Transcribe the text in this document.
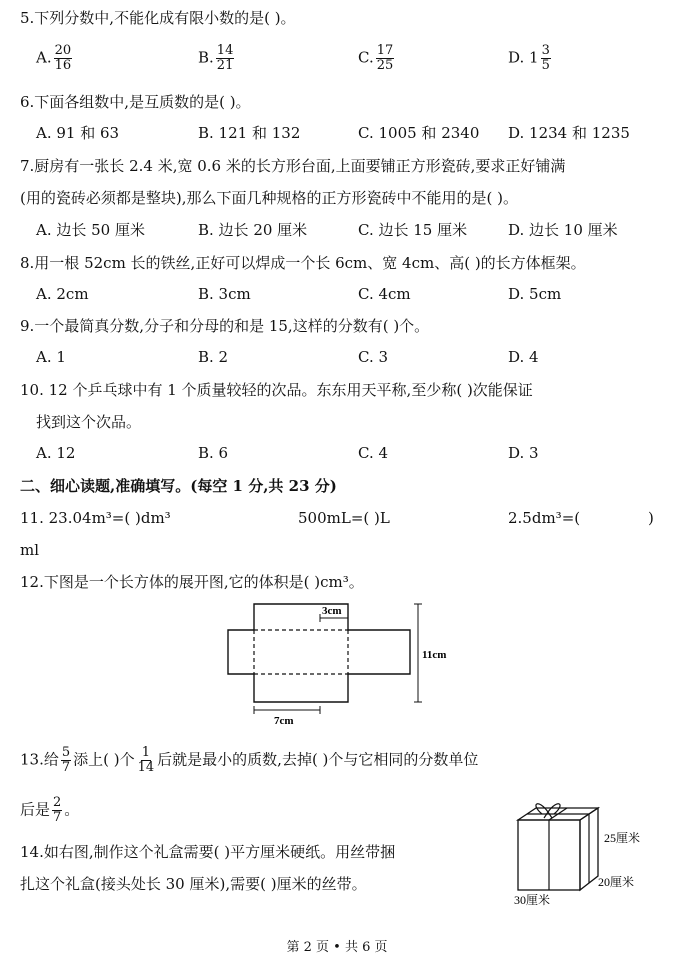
5.下列分数中,不能化成有限小数的是( )。
A. $\frac{20}{16}$	B. $\frac{14}{21}$	C. $\frac{17}{25}$	D. $1 \frac{3}{5}$
6.下面各组数中,是互质数的是( )。
A. 91 和 63	B. 121 和 132	C. 1005 和 2340 D. 1234 和 1235
7.厨房有一张长 2.4 米,宽 0.6 米的长方形台面,上面要铺正方形瓷砖,要求正好铺满
(用的瓷砖必须都是整块),那么下面几种规格的正方形瓷砖中不能用的是( )。
A. 边长 50 厘米	B. 边长 20 厘米	C. 边长 15 厘米	D. 边长 10 厘米
8.用一根 52cm 长的铁丝,正好可以焊成一个长 6cm、宽 4cm、高( )的长方体框架。
A. 2cm	B. 3cm	C. 4cm	D. 5cm
9.一个最简真分数,分子和分母的和是 15,这样的分数有( )个。
A. 1	B. 2	C. 3	D. 4
10. 12 个乒乓球中有 1 个质量较轻的次品。东东用天平称,至少称( )次能保证
找到这个次品。
A. 12	B. 6	C. 4	D. 3
二、细心读题,准确填写。(每空 1 分,共 23 分)
11. 23.04m³=( )dm³	500mL=( )L	2.5dm³=(	)
ml
12.下图是一个长方体的展开图,它的体积是( )cm³。
3cm
11cm
7cm
13.给 $\frac{5}{7}$ 添上( )个 $\frac{1}{14}$ 后就是最小的质数,去掉( )个与它相同的分数单位
后是 $\frac{2}{7}$ 。
14.如右图,制作这个礼盒需要( )平方厘米硬纸。用丝带捆
扎这个礼盒(接头处长 30 厘米),需要( )厘米的丝带。
25厘米
20厘米
30厘米
第 2 页 • 共 6 页
